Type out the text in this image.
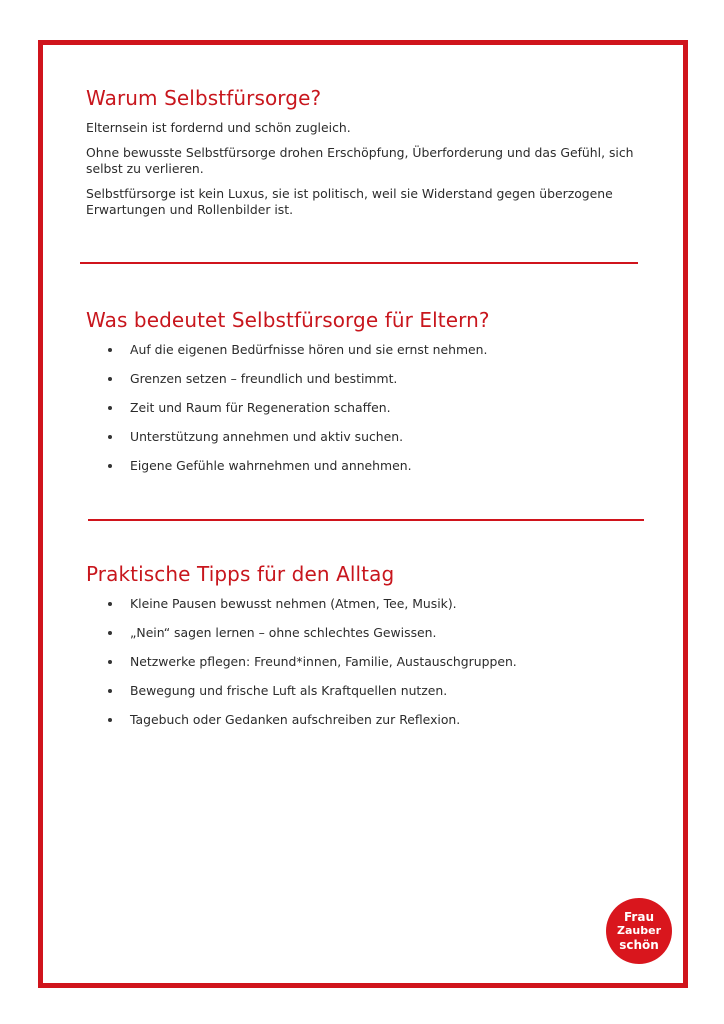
Warum Selbstfürsorge?

Elternsein ist fordernd und schön zugleich.

Ohne bewusste Selbstfürsorge drohen Erschöpfung, Überforderung und das Gefühl, sich selbst zu verlieren.

Selbstfürsorge ist kein Luxus, sie ist politisch, weil sie Widerstand gegen überzogene Erwartungen und Rollenbilder ist.

Was bedeutet Selbstfürsorge für Eltern?
Auf die eigenen Bedürfnisse hören und sie ernst nehmen.
Grenzen setzen – freundlich und bestimmt.
Zeit und Raum für Regeneration schaffen.
Unterstützung annehmen und aktiv suchen.
Eigene Gefühle wahrnehmen und annehmen.
Praktische Tipps für den Alltag
Kleine Pausen bewusst nehmen (Atmen, Tee, Musik).
„Nein“ sagen lernen – ohne schlechtes Gewissen.
Netzwerke pflegen: Freund*innen, Familie, Austauschgruppen.
Bewegung und frische Luft als Kraftquellen nutzen.
Tagebuch oder Gedanken aufschreiben zur Reflexion.
Frau
Zauber
schön
